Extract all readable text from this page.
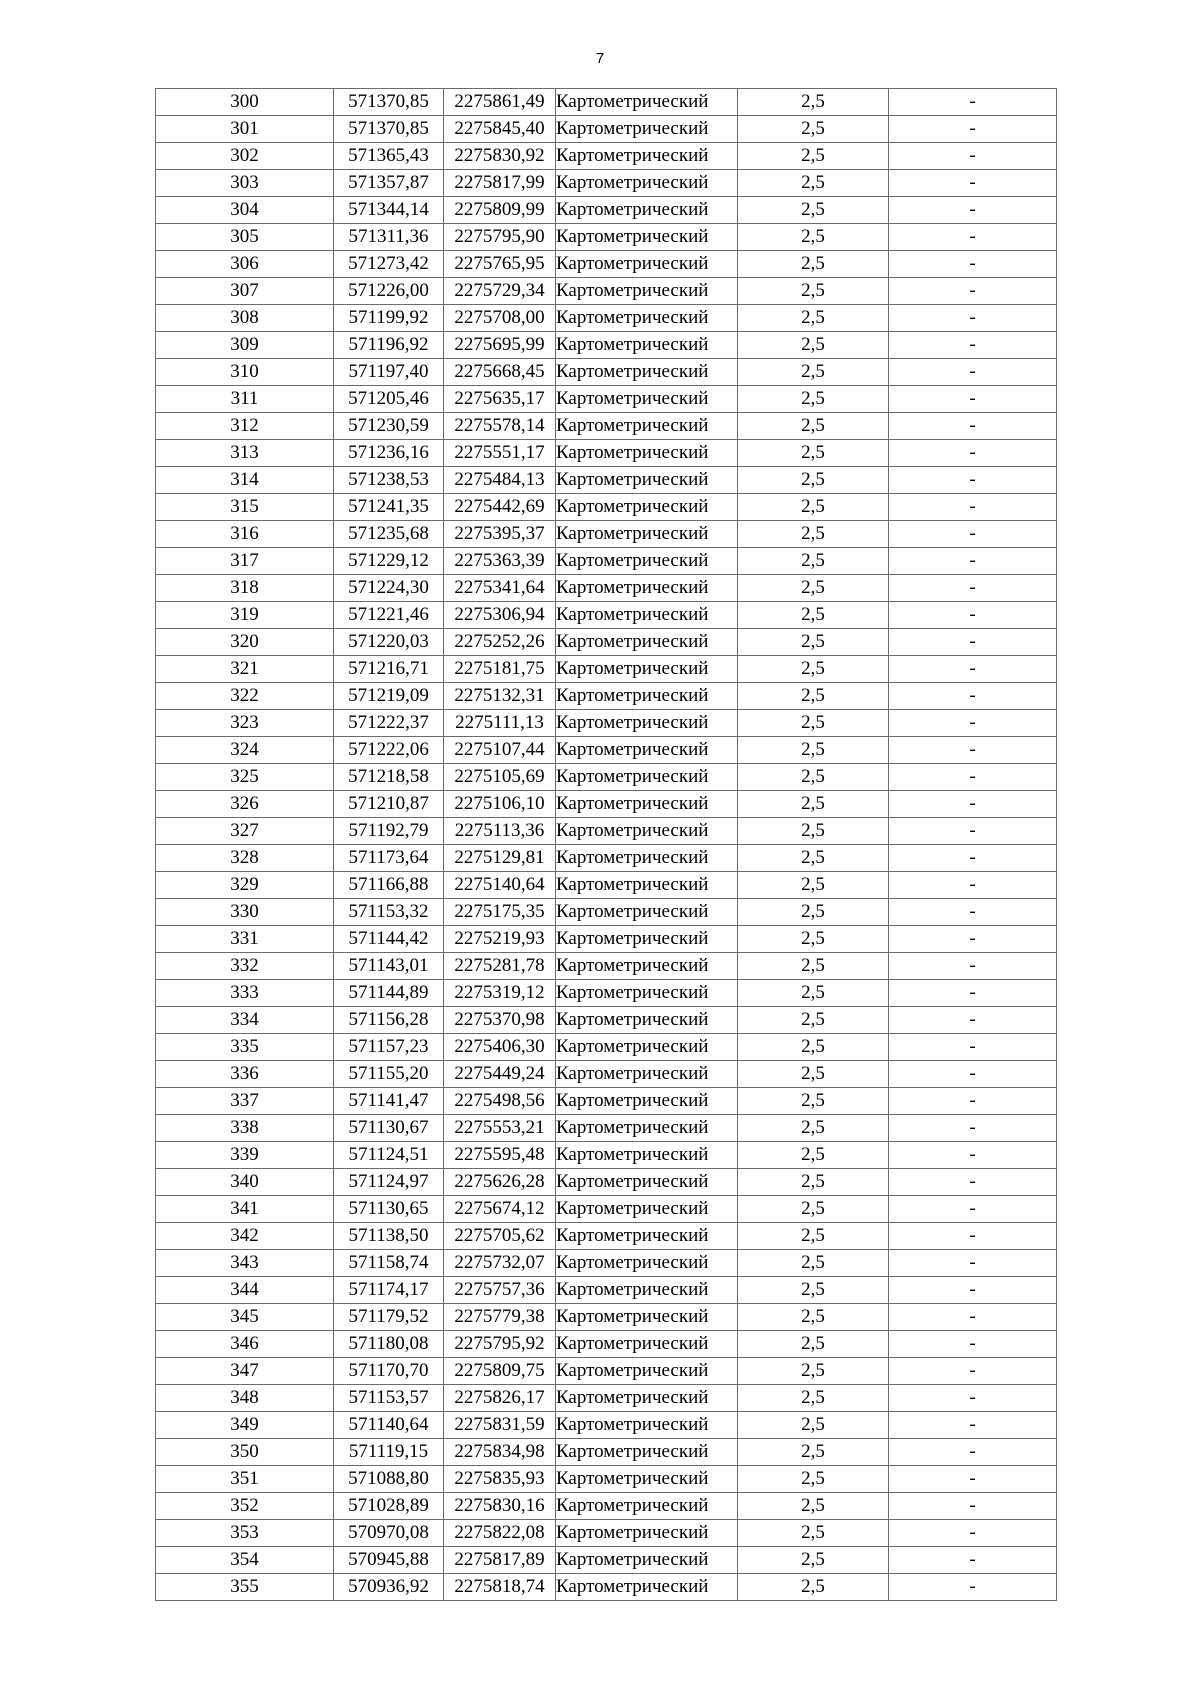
7
300	571370,85	2275861,49	Картометрический	2,5	-
301	571370,85	2275845,40	Картометрический	2,5	-
302	571365,43	2275830,92	Картометрический	2,5	-
303	571357,87	2275817,99	Картометрический	2,5	-
304	571344,14	2275809,99	Картометрический	2,5	-
305	571311,36	2275795,90	Картометрический	2,5	-
306	571273,42	2275765,95	Картометрический	2,5	-
307	571226,00	2275729,34	Картометрический	2,5	-
308	571199,92	2275708,00	Картометрический	2,5	-
309	571196,92	2275695,99	Картометрический	2,5	-
310	571197,40	2275668,45	Картометрический	2,5	-
311	571205,46	2275635,17	Картометрический	2,5	-
312	571230,59	2275578,14	Картометрический	2,5	-
313	571236,16	2275551,17	Картометрический	2,5	-
314	571238,53	2275484,13	Картометрический	2,5	-
315	571241,35	2275442,69	Картометрический	2,5	-
316	571235,68	2275395,37	Картометрический	2,5	-
317	571229,12	2275363,39	Картометрический	2,5	-
318	571224,30	2275341,64	Картометрический	2,5	-
319	571221,46	2275306,94	Картометрический	2,5	-
320	571220,03	2275252,26	Картометрический	2,5	-
321	571216,71	2275181,75	Картометрический	2,5	-
322	571219,09	2275132,31	Картометрический	2,5	-
323	571222,37	2275111,13	Картометрический	2,5	-
324	571222,06	2275107,44	Картометрический	2,5	-
325	571218,58	2275105,69	Картометрический	2,5	-
326	571210,87	2275106,10	Картометрический	2,5	-
327	571192,79	2275113,36	Картометрический	2,5	-
328	571173,64	2275129,81	Картометрический	2,5	-
329	571166,88	2275140,64	Картометрический	2,5	-
330	571153,32	2275175,35	Картометрический	2,5	-
331	571144,42	2275219,93	Картометрический	2,5	-
332	571143,01	2275281,78	Картометрический	2,5	-
333	571144,89	2275319,12	Картометрический	2,5	-
334	571156,28	2275370,98	Картометрический	2,5	-
335	571157,23	2275406,30	Картометрический	2,5	-
336	571155,20	2275449,24	Картометрический	2,5	-
337	571141,47	2275498,56	Картометрический	2,5	-
338	571130,67	2275553,21	Картометрический	2,5	-
339	571124,51	2275595,48	Картометрический	2,5	-
340	571124,97	2275626,28	Картометрический	2,5	-
341	571130,65	2275674,12	Картометрический	2,5	-
342	571138,50	2275705,62	Картометрический	2,5	-
343	571158,74	2275732,07	Картометрический	2,5	-
344	571174,17	2275757,36	Картометрический	2,5	-
345	571179,52	2275779,38	Картометрический	2,5	-
346	571180,08	2275795,92	Картометрический	2,5	-
347	571170,70	2275809,75	Картометрический	2,5	-
348	571153,57	2275826,17	Картометрический	2,5	-
349	571140,64	2275831,59	Картометрический	2,5	-
350	571119,15	2275834,98	Картометрический	2,5	-
351	571088,80	2275835,93	Картометрический	2,5	-
352	571028,89	2275830,16	Картометрический	2,5	-
353	570970,08	2275822,08	Картометрический	2,5	-
354	570945,88	2275817,89	Картометрический	2,5	-
355	570936,92	2275818,74	Картометрический	2,5	-
